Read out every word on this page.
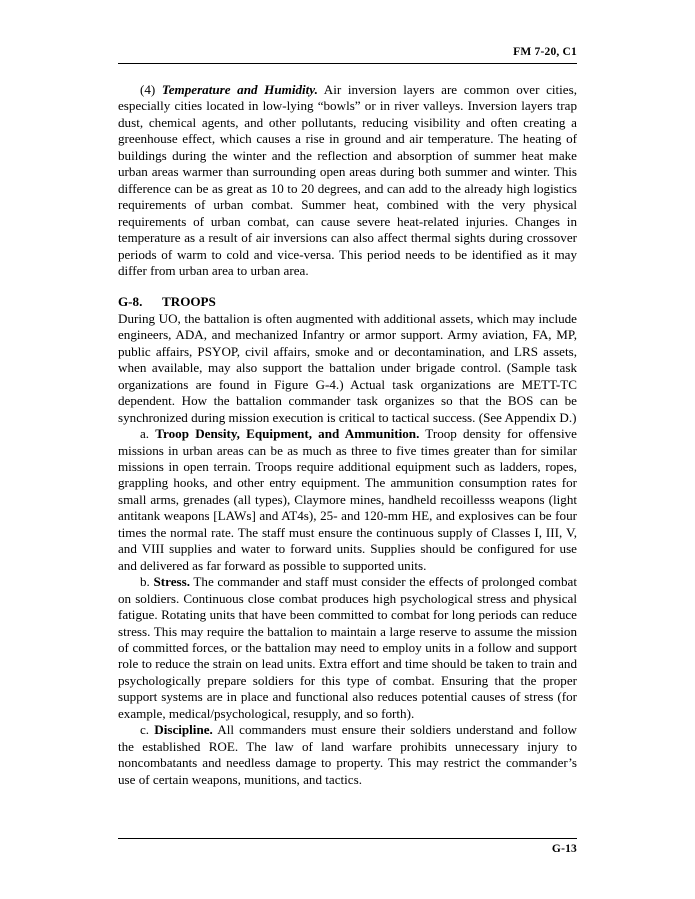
FM 7-20, C1

(4) Temperature and Humidity. Air inversion layers are common over cities, especially cities located in low-lying “bowls” or in river valleys. Inversion layers trap dust, chemical agents, and other pollutants, reducing visibility and often creating a greenhouse effect, which causes a rise in ground and air temperature. The heating of buildings during the winter and the reflection and absorption of summer heat make urban areas warmer than surrounding open areas during both summer and winter. This difference can be as great as 10 to 20 degrees, and can add to the already high logistics requirements of urban combat. Summer heat, combined with the very physical requirements of urban combat, can cause severe heat-related injuries. Changes in temperature as a result of air inversions can also affect thermal sights during crossover periods of warm to cold and vice-versa. This period needs to be identified as it may differ from urban area to urban area.

G-8. TROOPS

During UO, the battalion is often augmented with additional assets, which may include engineers, ADA, and mechanized Infantry or armor support. Army aviation, FA, MP, public affairs, PSYOP, civil affairs, smoke and or decontamination, and LRS assets, when available, may also support the battalion under brigade control. (Sample task organizations are found in Figure G-4.) Actual task organizations are METT-TC dependent. How the battalion commander task organizes so that the BOS can be synchronized during mission execution is critical to tactical success. (See Appendix D.)

a. Troop Density, Equipment, and Ammunition. Troop density for offensive missions in urban areas can be as much as three to five times greater than for similar missions in open terrain. Troops require additional equipment such as ladders, ropes, grappling hooks, and other entry equipment. The ammunition consumption rates for small arms, grenades (all types), Claymore mines, handheld recoillesss weapons (light antitank weapons [LAWs] and AT4s), 25- and 120-mm HE, and explosives can be four times the normal rate. The staff must ensure the continuous supply of Classes I, III, V, and VIII supplies and water to forward units. Supplies should be configured for use and delivered as far forward as possible to supported units.

b. Stress. The commander and staff must consider the effects of prolonged combat on soldiers. Continuous close combat produces high psychological stress and physical fatigue. Rotating units that have been committed to combat for long periods can reduce stress. This may require the battalion to maintain a large reserve to assume the mission of committed forces, or the battalion may need to employ units in a follow and support role to reduce the strain on lead units. Extra effort and time should be taken to train and psychologically prepare soldiers for this type of combat. Ensuring that the proper support systems are in place and functional also reduces potential causes of stress (for example, medical/psychological, resupply, and so forth).

c. Discipline. All commanders must ensure their soldiers understand and follow the established ROE. The law of land warfare prohibits unnecessary injury to noncombatants and needless damage to property. This may restrict the commander’s use of certain weapons, munitions, and tactics.

G-13
